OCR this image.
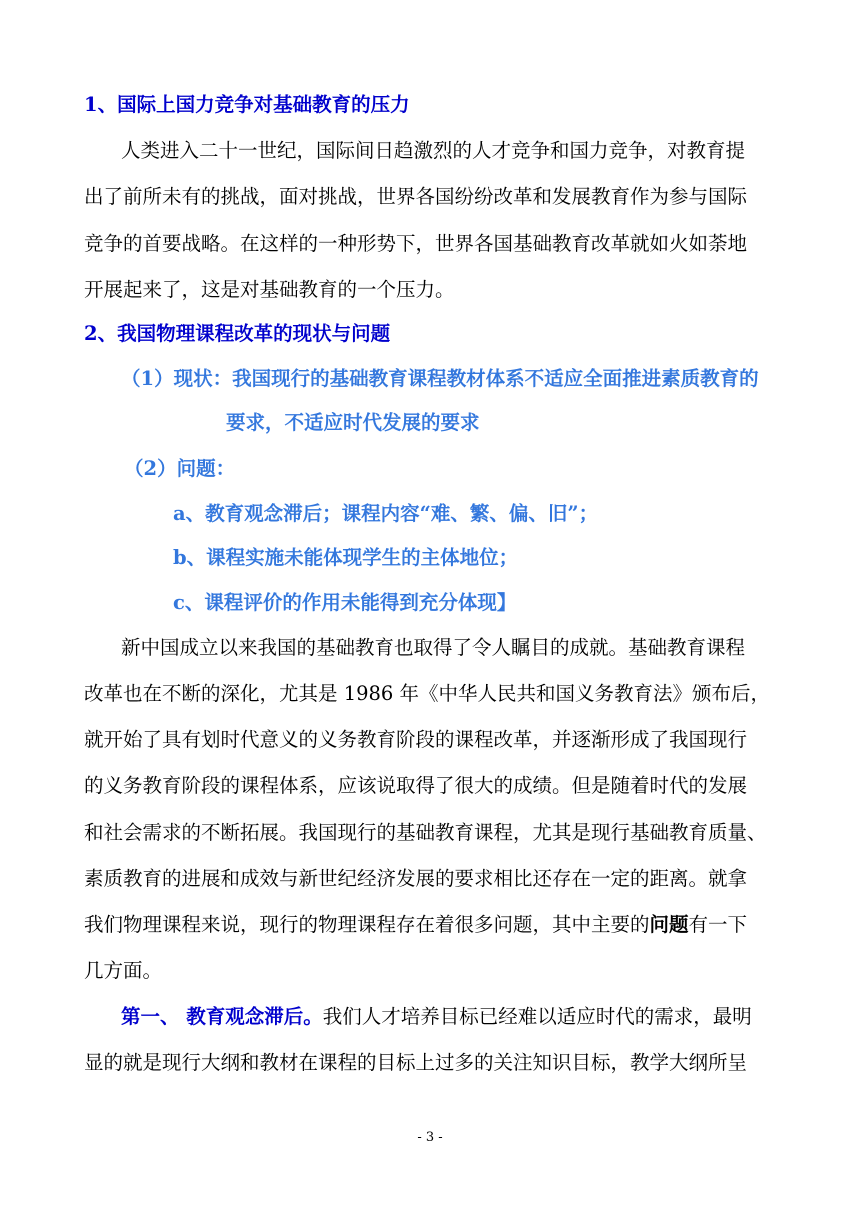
1、国际上国力竞争对基础教育的压力
人类进入二十一世纪，国际间日趋激烈的人才竞争和国力竞争，对教育提
出了前所未有的挑战，面对挑战，世界各国纷纷改革和发展教育作为参与国际
竞争的首要战略。在这样的一种形势下，世界各国基础教育改革就如火如荼地
开展起来了，这是对基础教育的一个压力。
2、我国物理课程改革的现状与问题
（1）现状：我国现行的基础教育课程教材体系不适应全面推进素质教育的
要求，不适应时代发展的要求
（2）问题：
a、教育观念滞后；课程内容“难、繁、偏、旧”；
b、课程实施未能体现学生的主体地位；
c、课程评价的作用未能得到充分体现】
新中国成立以来我国的基础教育也取得了令人瞩目的成就。基础教育课程
改革也在不断的深化，尤其是 1986 年《中华人民共和国义务教育法》颁布后，
就开始了具有划时代意义的义务教育阶段的课程改革，并逐渐形成了我国现行
的义务教育阶段的课程体系，应该说取得了很大的成绩。但是随着时代的发展
和社会需求的不断拓展。我国现行的基础教育课程，尤其是现行基础教育质量、
素质教育的进展和成效与新世纪经济发展的要求相比还存在一定的距离。就拿
我们物理课程来说，现行的物理课程存在着很多问题，其中主要的问题有一下
几方面。
第一、 教育观念滞后。我们人才培养目标已经难以适应时代的需求，最明
显的就是现行大纲和教材在课程的目标上过多的关注知识目标，教学大纲所呈
- 3 -
